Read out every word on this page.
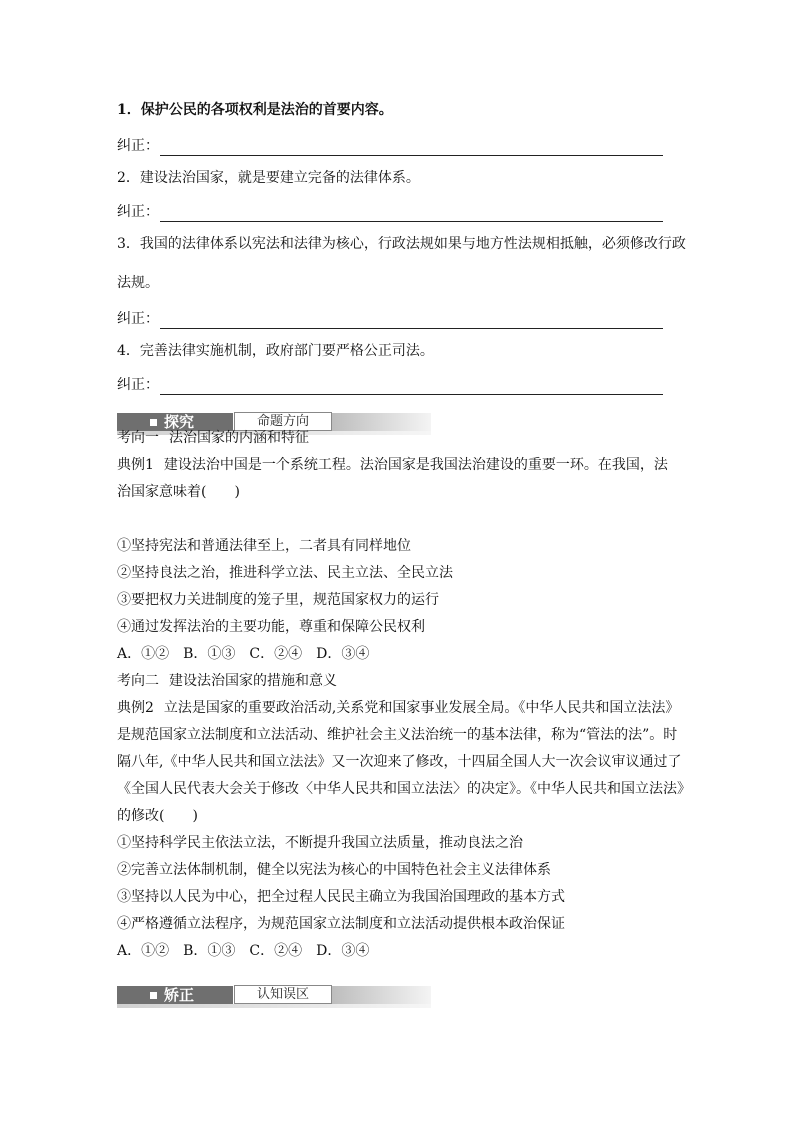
1．保护公民的各项权利是法治的首要内容。
纠正：
2．建设法治国家，就是要建立完备的法律体系。
纠正：
3．我国的法律体系以宪法和法律为核心，行政法规如果与地方性法规相抵触，必须修改行政
法规。
纠正：
4．完善法律实施机制，政府部门要严格公正司法。
纠正：
探究	命题方向
考向一 法治国家的内涵和特征
典例1 建设法治中国是一个系统工程。法治国家是我国法治建设的重要一环。在我国，法
治国家意味着(　　)
①坚持宪法和普通法律至上，二者具有同样地位
②坚持良法之治，推进科学立法、民主立法、全民立法
③要把权力关进制度的笼子里，规范国家权力的运行
④通过发挥法治的主要功能，尊重和保障公民权利
A．①② B．①③ C．②④ D．③④
考向二 建设法治国家的措施和意义
典例2 立法是国家的重要政治活动,关系党和国家事业发展全局。《中华人民共和国立法法》
是规范国家立法制度和立法活动、维护社会主义法治统一的基本法律，称为“管法的法”。时
隔八年,《中华人民共和国立法法》又一次迎来了修改，十四届全国人大一次会议审议通过了
《全国人民代表大会关于修改〈中华人民共和国立法法〉的决定》。《中华人民共和国立法法》
的修改(　　)
①坚持科学民主依法立法，不断提升我国立法质量，推动良法之治
②完善立法体制机制，健全以宪法为核心的中国特色社会主义法律体系
③坚持以人民为中心，把全过程人民民主确立为我国治国理政的基本方式
④严格遵循立法程序，为规范国家立法制度和立法活动提供根本政治保证
A．①② B．①③ C．②④ D．③④
矫正	认知误区
